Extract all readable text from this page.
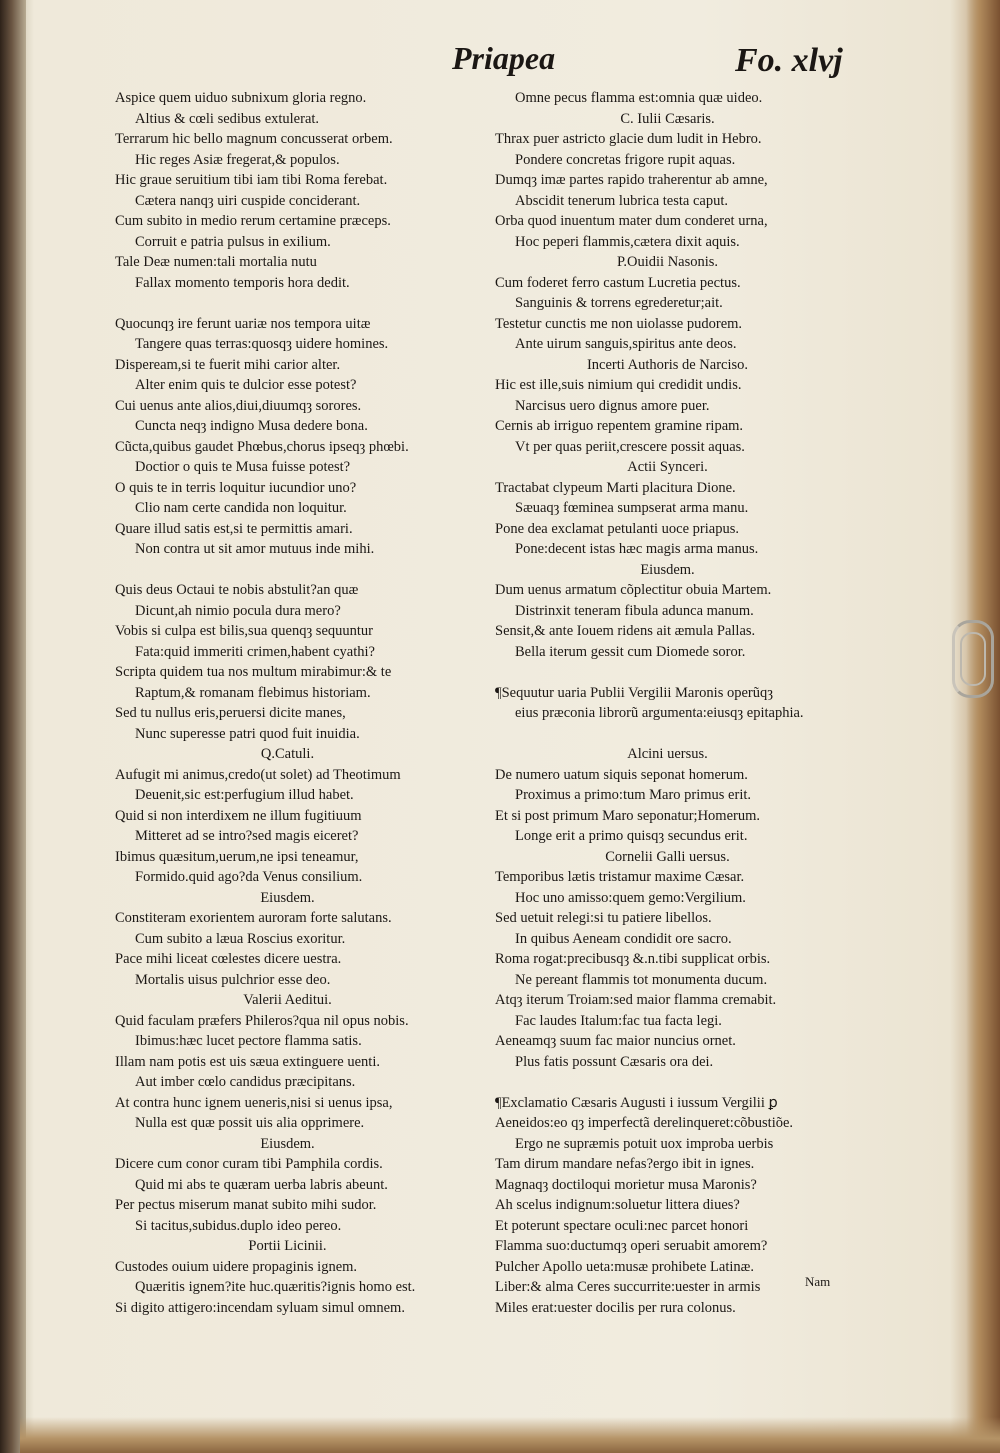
Priapea	Fo. xlvj
Aspice quem uiduo subnixum gloria regno.
Altius & cœli sedibus extulerat.
Terrarum hic bello magnum concusserat orbem.
Hic reges Asiæ fregerat,& populos.
Hic graue seruitium tibi iam tibi Roma ferebat.
Cætera nanqȝ uiri cuspide conciderant.
Cum subito in medio rerum certamine præceps.
Corruit e patria pulsus in exilium.
Tale Deæ numen:tali mortalia nutu
Fallax momento temporis hora dedit.
Quocunqȝ ire ferunt uariæ nos tempora uitæ
Tangere quas terras:quosqȝ uidere homines.
Dispeream,si te fuerit mihi carior alter.
Alter enim quis te dulcior esse potest?
Cui uenus ante alios,diui,diuumqȝ sorores.
Cuncta neqȝ indigno Musa dedere bona.
Cũcta,quibus gaudet Phœbus,chorus ipseqȝ phœbi.
Doctior o quis te Musa fuisse potest?
O quis te in terris loquitur iucundior uno?
Clio nam certe candida non loquitur.
Quare illud satis est,si te permittis amari.
Non contra ut sit amor mutuus inde mihi.
Quis deus Octaui te nobis abstulit?an quæ
Dicunt,ah nimio pocula dura mero?
Vobis si culpa est bilis,sua quenqȝ sequuntur
Fata:quid immeriti crimen,habent cyathi?
Scripta quidem tua nos multum mirabimur:& te
Raptum,& romanam flebimus historiam.
Sed tu nullus eris,peruersi dicite manes,
Nunc superesse patri quod fuit inuidia.
Q.Catuli.
Aufugit mi animus,credo(ut solet) ad Theotimum
Deuenit,sic est:perfugium illud habet.
Quid si non interdixem ne illum fugitiuum
Mitteret ad se intro?sed magis eiceret?
Ibimus quæsitum,uerum,ne ipsi teneamur,
Formido.quid ago?da Venus consilium.
Eiusdem.
Constiteram exorientem auroram forte salutans.
Cum subito a læua Roscius exoritur.
Pace mihi liceat cœlestes dicere uestra.
Mortalis uisus pulchrior esse deo.
Valerii Aeditui.
Quid faculam præfers Phileros?qua nil opus nobis.
Ibimus:hæc lucet pectore flamma satis.
Illam nam potis est uis sæua extinguere uenti.
Aut imber cœlo candidus præcipitans.
At contra hunc ignem ueneris,nisi si uenus ipsa,
Nulla est quæ possit uis alia opprimere.
Eiusdem.
Dicere cum conor curam tibi Pamphila cordis.
Quid mi abs te quæram uerba labris abeunt.
Per pectus miserum manat subito mihi sudor.
Si tacitus,subidus.duplo ideo pereo.
Portii Licinii.
Custodes ouium uidere propaginis ignem.
Quæritis ignem?ite huc.quæritis?ignis homo est.
Si digito attigero:incendam syluam simul omnem.
Omne pecus flamma est:omnia quæ uideo.
C. Iulii Cæsaris.
Thrax puer astricto glacie dum ludit in Hebro.
Pondere concretas frigore rupit aquas.
Dumqȝ imæ partes rapido traherentur ab amne,
Abscidit tenerum lubrica testa caput.
Orba quod inuentum mater dum conderet urna,
Hoc peperi flammis,cætera dixit aquis.
P.Ouidii Nasonis.
Cum foderet ferro castum Lucretia pectus.
Sanguinis & torrens egrederetur;ait.
Testetur cunctis me non uiolasse pudorem.
Ante uirum sanguis,spiritus ante deos.
Incerti Authoris de Narciso.
Hic est ille,suis nimium qui credidit undis.
Narcisus uero dignus amore puer.
Cernis ab irriguo repentem gramine ripam.
Vt per quas periit,crescere possit aquas.
Actii Synceri.
Tractabat clypeum Marti placitura Dione.
Sæuaqȝ fœminea sumpserat arma manu.
Pone dea exclamat petulanti uoce priapus.
Pone:decent istas hæc magis arma manus.
Eiusdem.
Dum uenus armatum cõplectitur obuia Martem.
Distrinxit teneram fibula adunca manum.
Sensit,& ante Iouem ridens ait æmula Pallas.
Bella iterum gessit cum Diomede soror.
¶Sequutur uaria Publii Vergilii Maronis operũqȝ
eius præconia librorũ argumenta:eiusqȝ epitaphia.
Alcini uersus.
De numero uatum siquis seponat homerum.
Proximus a primo:tum Maro primus erit.
Et si post primum Maro seponatur;Homerum.
Longe erit a primo quisqȝ secundus erit.
Cornelii Galli uersus.
Temporibus lætis tristamur maxime Cæsar.
Hoc uno amisso:quem gemo:Vergilium.
Sed uetuit relegi:si tu patiere libellos.
In quibus Aeneam condidit ore sacro.
Roma rogat:precibusqȝ &.n.tibi supplicat orbis.
Ne pereant flammis tot monumenta ducum.
Atqȝ iterum Troiam:sed maior flamma cremabit.
Fac laudes Italum:fac tua facta legi.
Aeneamqȝ suum fac maior nuncius ornet.
Plus fatis possunt Cæsaris ora dei.
¶Exclamatio Cæsaris Augusti i iussum Vergilii ꝑ
Aeneidos:eo qȝ imperfectã derelinqueret:cõbustiõe.
Ergo ne supræmis potuit uox improba uerbis
Tam dirum mandare nefas?ergo ibit in ignes.
Magnaqȝ doctiloqui morietur musa Maronis?
Ah scelus indignum:soluetur littera diues?
Et poterunt spectare oculi:nec parcet honori
Flamma suo:ductumqȝ operi seruabit amorem?
Pulcher Apollo ueta:musæ prohibete Latinæ.
Liber:& alma Ceres succurrite:uester in armis
Miles erat:uester docilis per rura colonus.
Nam
